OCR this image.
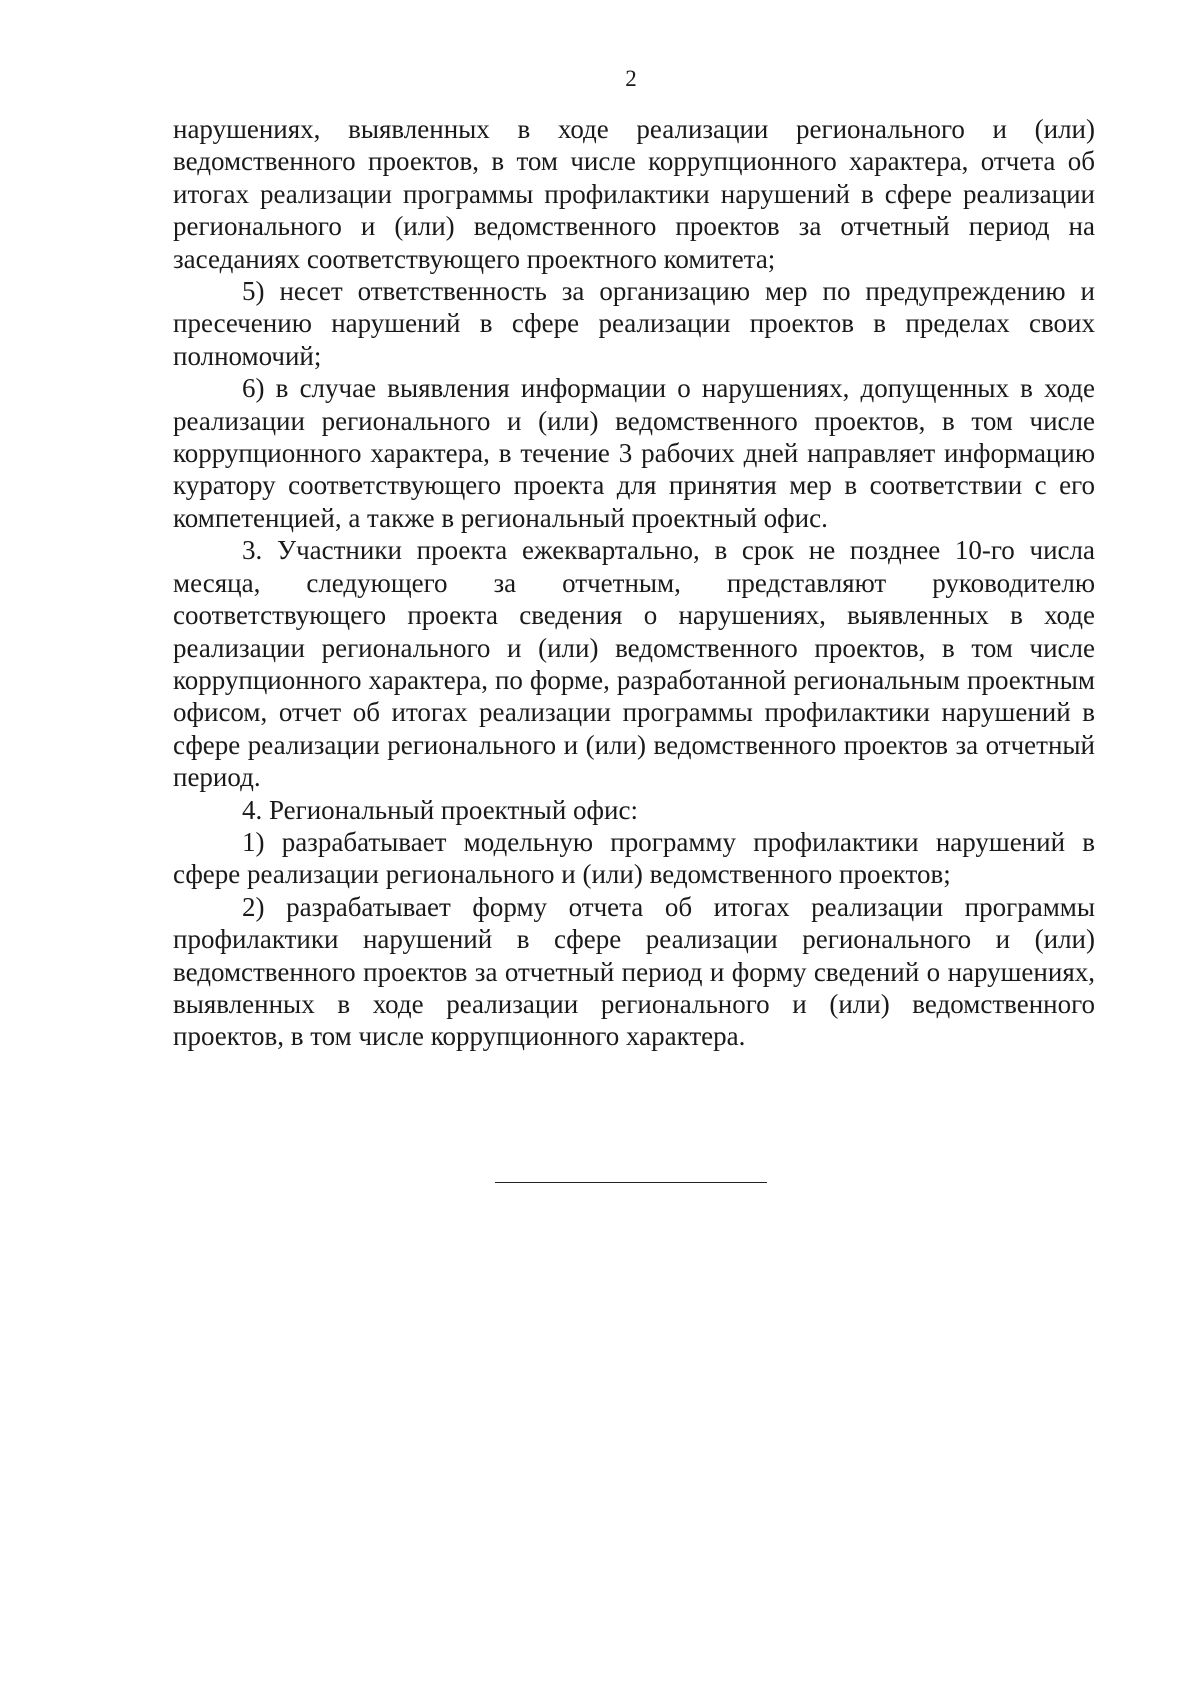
2

нарушениях, выявленных в ходе реализации регионального и (или) ведомственного проектов, в том числе коррупционного характера, отчета об итогах реализации программы профилактики нарушений в сфере реализации регионального и (или) ведомственного проектов за отчетный период на заседаниях соответствующего проектного комитета;

5) несет ответственность за организацию мер по предупреждению и пресечению нарушений в сфере реализации проектов в пределах своих полномочий;

6) в случае выявления информации о нарушениях, допущенных в ходе реализации регионального и (или) ведомственного проектов, в том числе коррупционного характера, в течение 3 рабочих дней направляет информацию куратору соответствующего проекта для принятия мер в соответствии с его компетенцией, а также в региональный проектный офис.

3. Участники проекта ежеквартально, в срок не позднее 10-го числа месяца, следующего за отчетным, представляют руководителю соответствующего проекта сведения о нарушениях, выявленных в ходе реализации регионального и (или) ведомственного проектов, в том числе коррупционного характера, по форме, разработанной региональным проектным офисом, отчет об итогах реализации программы профилактики нарушений в сфере реализации регионального и (или) ведомственного проектов за отчетный период.

4. Региональный проектный офис:

1) разрабатывает модельную программу профилактики нарушений в сфере реализации регионального и (или) ведомственного проектов;

2) разрабатывает форму отчета об итогах реализации программы профилактики нарушений в сфере реализации регионального и (или) ведомственного проектов за отчетный период и форму сведений о нарушениях, выявленных в ходе реализации регионального и (или) ведомственного проектов, в том числе коррупционного характера.
